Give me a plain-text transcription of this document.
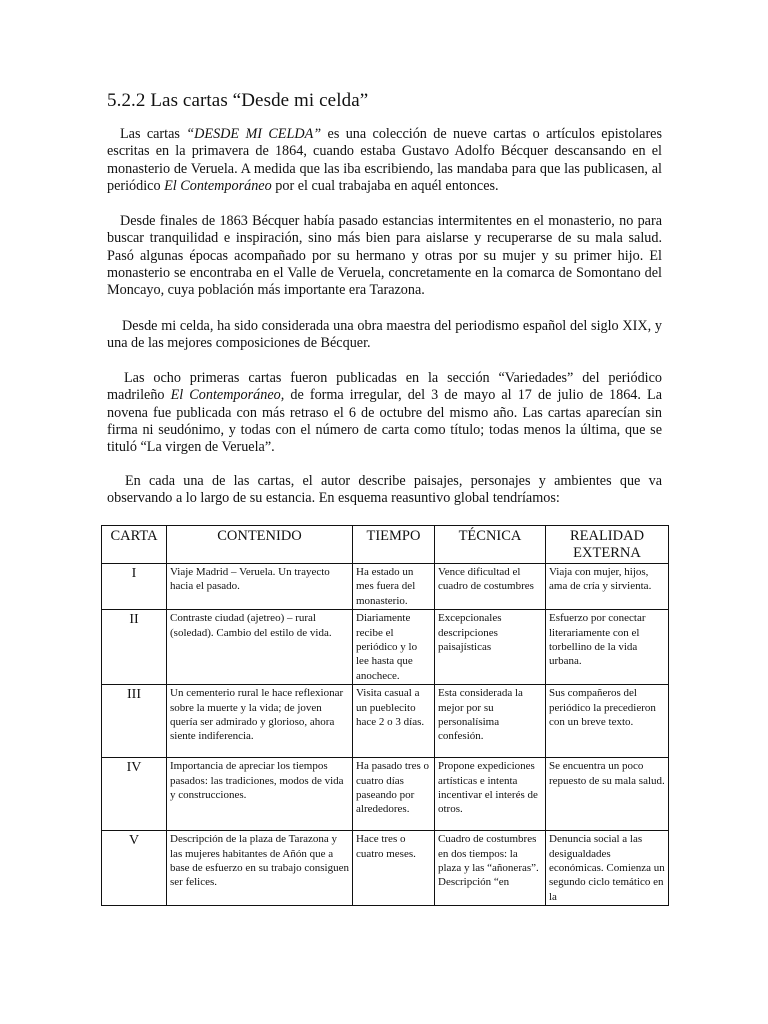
5.2.2 Las cartas “Desde mi celda”

Las cartas “DESDE MI CELDA” es una colección de nueve cartas o artículos epistolares escritas en la primavera de 1864, cuando estaba Gustavo Adolfo Bécquer descansando en el monasterio de Veruela. A medida que las iba escribiendo, las mandaba para que las publicasen, al periódico El Contemporáneo por el cual trabajaba en aquél entonces.

Desde finales de 1863 Bécquer había pasado estancias intermitentes en el monasterio, no para buscar tranquilidad e inspiración, sino más bien para aislarse y recuperarse de su mala salud. Pasó algunas épocas acompañado por su hermano y otras por su mujer y su primer hijo. El monasterio se encontraba en el Valle de Veruela, concretamente en la comarca de Somontano del Moncayo, cuya población más importante era Tarazona.

Desde mi celda, ha sido considerada una obra maestra del periodismo español del siglo XIX, y una de las mejores composiciones de Bécquer.

Las ocho primeras cartas fueron publicadas en la sección “Variedades” del periódico madrileño El Contemporáneo, de forma irregular, del 3 de mayo al 17 de julio de 1864. La novena fue publicada con más retraso el 6 de octubre del mismo año. Las cartas aparecían sin firma ni seudónimo, y todas con el número de carta como título; todas menos la última, que se tituló “La virgen de Veruela”.

En cada una de las cartas, el autor describe paisajes, personajes y ambientes que va observando a lo largo de su estancia. En esquema reasuntivo global tendríamos:

CARTA	CONTENIDO	TIEMPO	TÉCNICA	REALIDAD EXTERNA
I	Viaje Madrid – Veruela. Un trayecto hacia el pasado.	Ha estado un mes fuera del monasterio.	Vence dificultad el cuadro de costumbres	Viaja con mujer, hijos, ama de cría y sirvienta.
II	Contraste ciudad (ajetreo) – rural (soledad). Cambio del estilo de vida.	Diariamente recibe el periódico y lo lee hasta que anochece.	Excepcionales descripciones paisajísticas	Esfuerzo por conectar literariamente con el torbellino de la vida urbana.
III	Un cementerio rural le hace reflexionar sobre la muerte y la vida; de joven quería ser admirado y glorioso, ahora siente indiferencia.	Visita casual a un pueblecito hace 2 o 3 días.	Esta considerada la mejor por su personalísima confesión.	Sus compañeros del periódico la precedieron con un breve texto.
IV	Importancia de apreciar los tiempos pasados: las tradiciones, modos de vida y construcciones.	Ha pasado tres o cuatro días paseando por alrededores.	Propone expediciones artísticas e intenta incentivar el interés de otros.	Se encuentra un poco repuesto de su mala salud.
V	Descripción de la plaza de Tarazona y las mujeres habitantes de Añón que a base de esfuerzo en su trabajo consiguen ser felices.	Hace tres o cuatro meses.	Cuadro de costumbres en dos tiempos: la plaza y las “añoneras”. Descripción “en	Denuncia social a las desigualdades económicas. Comienza un segundo ciclo temático en la
